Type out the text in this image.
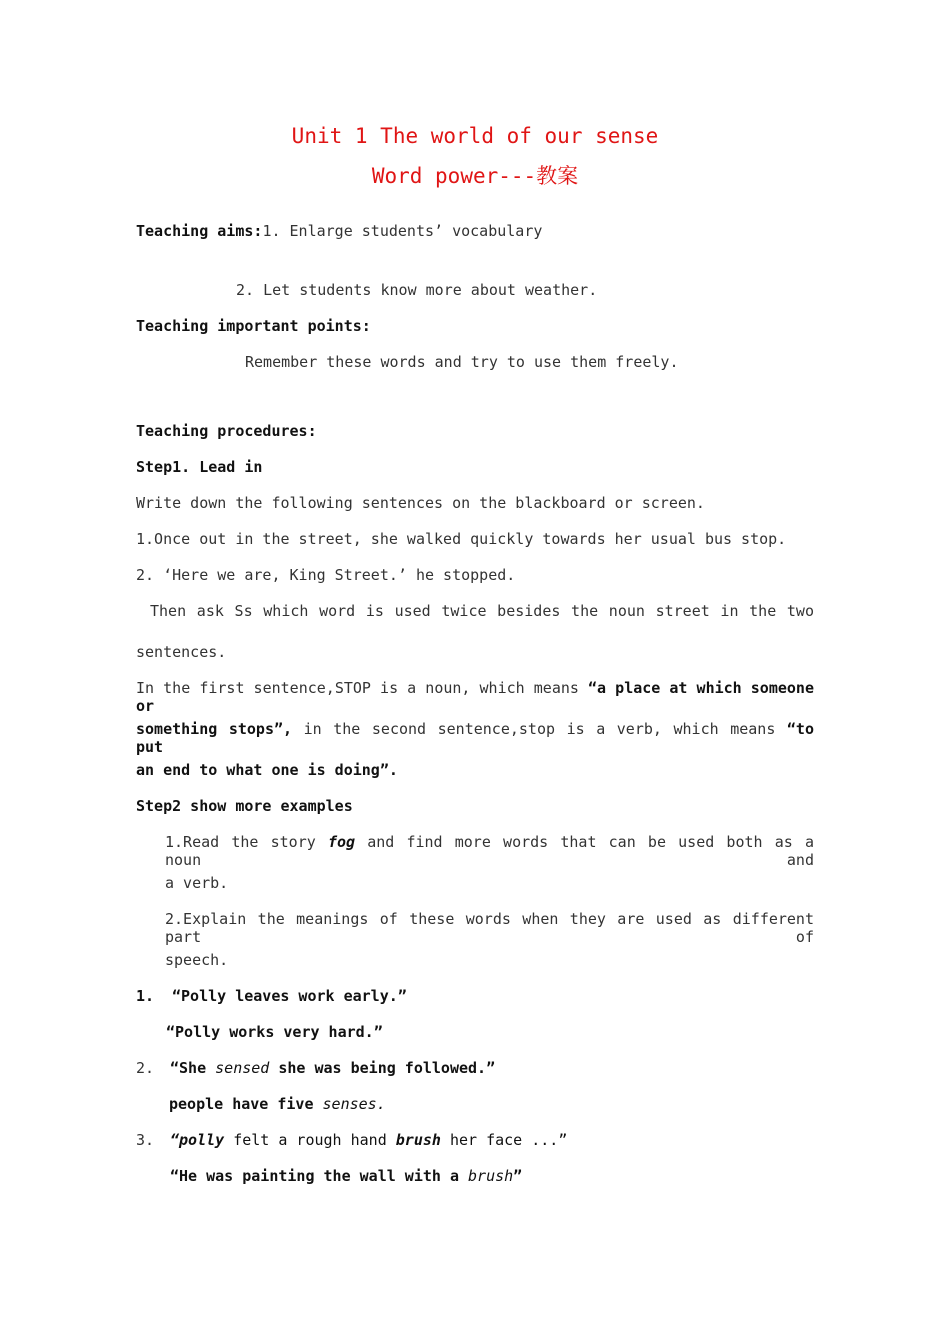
Unit 1 The world of our sense
Word power---教案
Teaching aims:1. Enlarge students’ vocabulary
2. Let students know more about weather.
Teaching important points:
Remember these words and try to use them freely.
Teaching procedures:
Step1. Lead in
Write down the following sentences on the blackboard or screen.
1.Once out in the street, she walked quickly towards her usual bus stop.
2. ‘Here we are, King Street.’ he stopped.
Then ask Ss which word is used twice besides the noun street in the two
sentences.
In the first sentence,STOP is a noun, which means “a place at which someone or
something stops”, in the second sentence,stop is a verb, which means “to put
an end to what one is doing”.
Step2 show more examples
1.Read the story fog and find more words that can be used both as a noun and
a verb.
2.Explain the meanings of these words when they are used as different part of
speech.
1. “Polly leaves work early.”
“Polly works very hard.”
2. “She sensed she was being followed.”
people have five senses.
3. “polly felt a rough hand brush her face ...”
“He was painting the wall with a brush”
